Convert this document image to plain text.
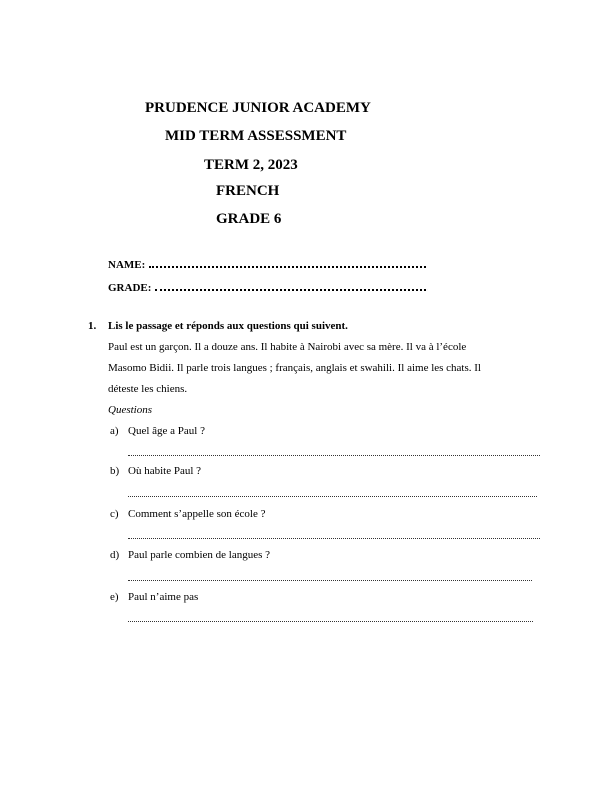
PRUDENCE JUNIOR ACADEMY
MID TERM ASSESSMENT
TERM 2, 2023
FRENCH
GRADE 6
NAME:
GRADE:
1. Lis le passage et réponds aux questions qui suivent.
Paul est un garçon. Il a douze ans. Il habite à Nairobi avec sa mère. Il va à l’école
Masomo Bidii. Il parle trois langues ; français, anglais et swahili. Il aime les chats. Il
déteste les chiens.
Questions
a) Quel âge a Paul ?
b) Où habite Paul ?
c) Comment s’appelle son école ?
d) Paul parle combien de langues ?
e) Paul n’aime pas
